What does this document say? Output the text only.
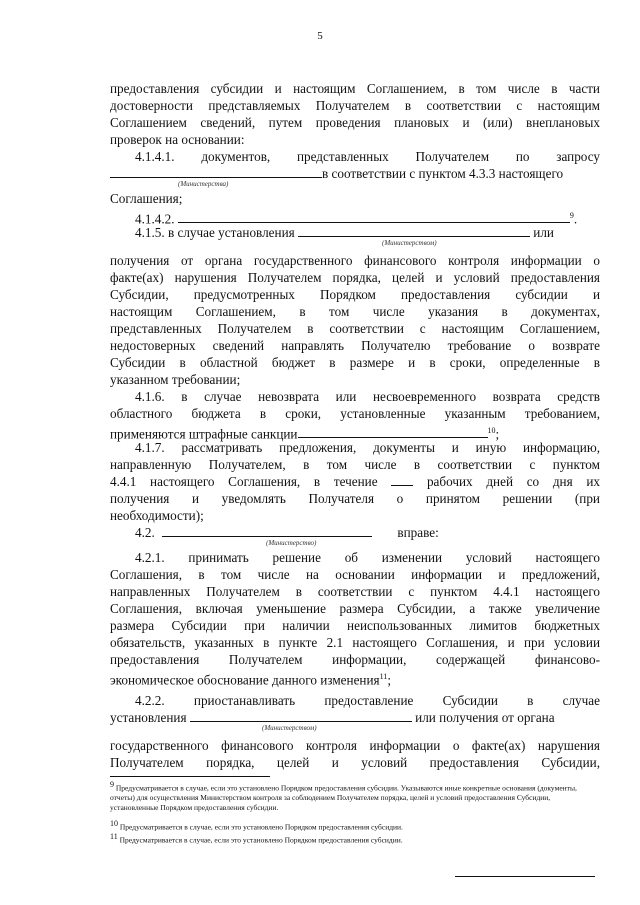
5
предоставления субсидии и настоящим Соглашением, в том числе в части
достоверности представляемых Получателем в соответствии с настоящим
Соглашением сведений, путем проведения плановых и (или) внеплановых
проверок на основании:
4.1.4.1. документов, представленных Получателем по запросу
в соответствии с пунктом 4.3.3 настоящего
(Министерства)
Соглашения;
4.1.4.2.	$^9$.
4.1.5. в случае установления	или
(Министерством)
получения от органа государственного финансового контроля информации о
факте(ах) нарушения Получателем порядка, целей и условий предоставления
Субсидии, предусмотренных Порядком предоставления субсидии и
настоящим Соглашением, в том числе указания в документах,
представленных Получателем в соответствии с настоящим Соглашением,
недостоверных сведений направлять Получателю требование о возврате
Субсидии в областной бюджет в размере и в сроки, определенные в
указанном требовании;
4.1.6. в случае невозврата или несвоевременного возврата средств
областного бюджета в сроки, установленные указанным требованием,
применяются штрафные санкции	$^{10}$;
4.1.7. рассматривать предложения, документы и иную информацию,
направленную Получателем, в том числе в соответствии с пунктом
4.4.1 настоящего Соглашения, в течение	рабочих дней со дня их
получения и уведомлять Получателя о принятом решении (при
необходимости);
4.2.	вправе:
(Министерство)
4.2.1. принимать решение об изменении условий настоящего
Соглашения, в том числе на основании информации и предложений,
направленных Получателем в соответствии с пунктом 4.4.1 настоящего
Соглашения, включая уменьшение размера Субсидии, а также увеличение
размера Субсидии при наличии неиспользованных лимитов бюджетных
обязательств, указанных в пункте 2.1 настоящего Соглашения, и при условии
предоставления Получателем информации, содержащей финансово-
экономическое обоснование данного изменения$^{11}$;
4.2.2. приостанавливать предоставление Субсидии в случае
установления	или получения от органа
(Министерством)
государственного финансового контроля информации о факте(ах) нарушения
Получателем порядка, целей и условий предоставления Субсидии,
$^9$ Предусматривается в случае, если это установлено Порядком предоставления субсидии. Указываются иные конкретные основания (документы, отчеты) для осуществления Министерством контроля за соблюдением Получателем порядка, целей и условий предоставления Субсидии, установленные Порядком предоставления субсидии.
$^{10}$ Предусматривается в случае, если это установлено Порядком предоставления субсидии.
$^{11}$ Предусматривается в случае, если это установлено Порядком предоставления субсидии.
